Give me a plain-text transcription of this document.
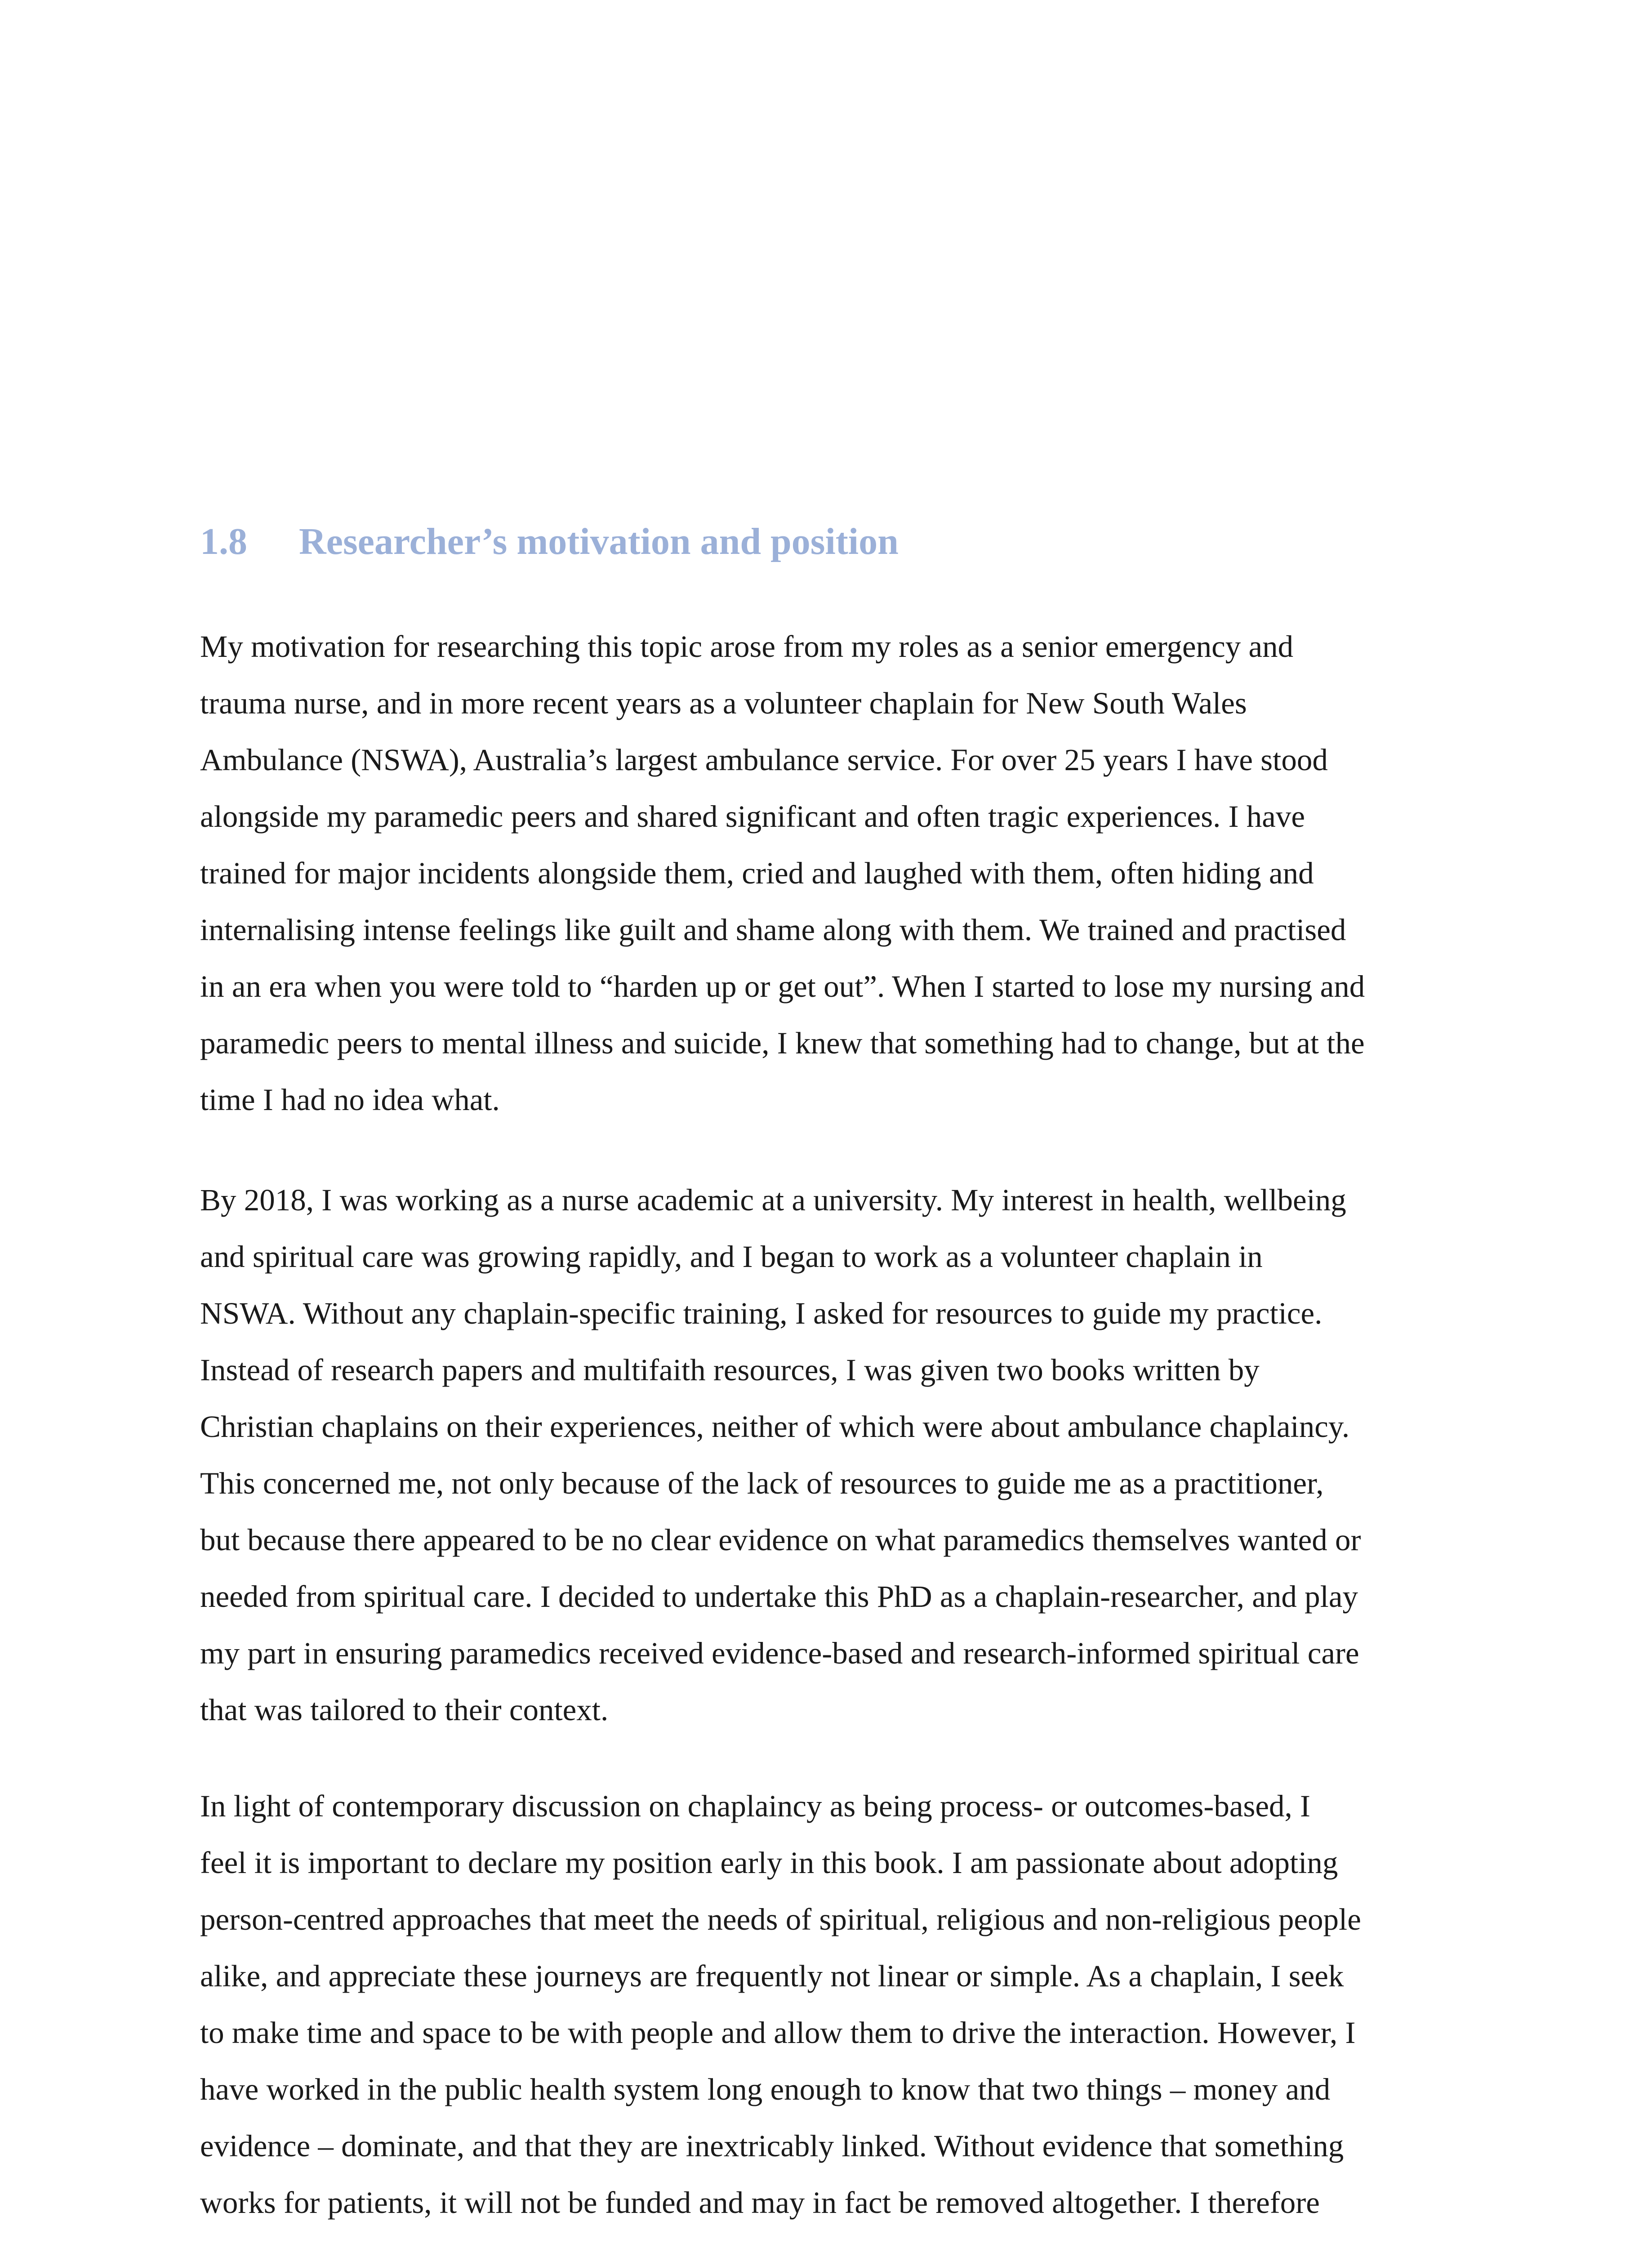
1.8 Researcher’s motivation and position
My motivation for researching this topic arose from my roles as a senior emergency and
trauma nurse, and in more recent years as a volunteer chaplain for New South Wales
Ambulance (NSWA), Australia’s largest ambulance service. For over 25 years I have stood
alongside my paramedic peers and shared significant and often tragic experiences. I have
trained for major incidents alongside them, cried and laughed with them, often hiding and
internalising intense feelings like guilt and shame along with them. We trained and practised
in an era when you were told to “harden up or get out”. When I started to lose my nursing and
paramedic peers to mental illness and suicide, I knew that something had to change, but at the
time I had no idea what.
By 2018, I was working as a nurse academic at a university. My interest in health, wellbeing
and spiritual care was growing rapidly, and I began to work as a volunteer chaplain in
NSWA. Without any chaplain-specific training, I asked for resources to guide my practice.
Instead of research papers and multifaith resources, I was given two books written by
Christian chaplains on their experiences, neither of which were about ambulance chaplaincy.
This concerned me, not only because of the lack of resources to guide me as a practitioner,
but because there appeared to be no clear evidence on what paramedics themselves wanted or
needed from spiritual care. I decided to undertake this PhD as a chaplain-researcher, and play
my part in ensuring paramedics received evidence-based and research-informed spiritual care
that was tailored to their context.
In light of contemporary discussion on chaplaincy as being process- or outcomes-based, I
feel it is important to declare my position early in this book. I am passionate about adopting
person-centred approaches that meet the needs of spiritual, religious and non-religious people
alike, and appreciate these journeys are frequently not linear or simple. As a chaplain, I seek
to make time and space to be with people and allow them to drive the interaction. However, I
have worked in the public health system long enough to know that two things – money and
evidence – dominate, and that they are inextricably linked. Without evidence that something
works for patients, it will not be funded and may in fact be removed altogether. I therefore
